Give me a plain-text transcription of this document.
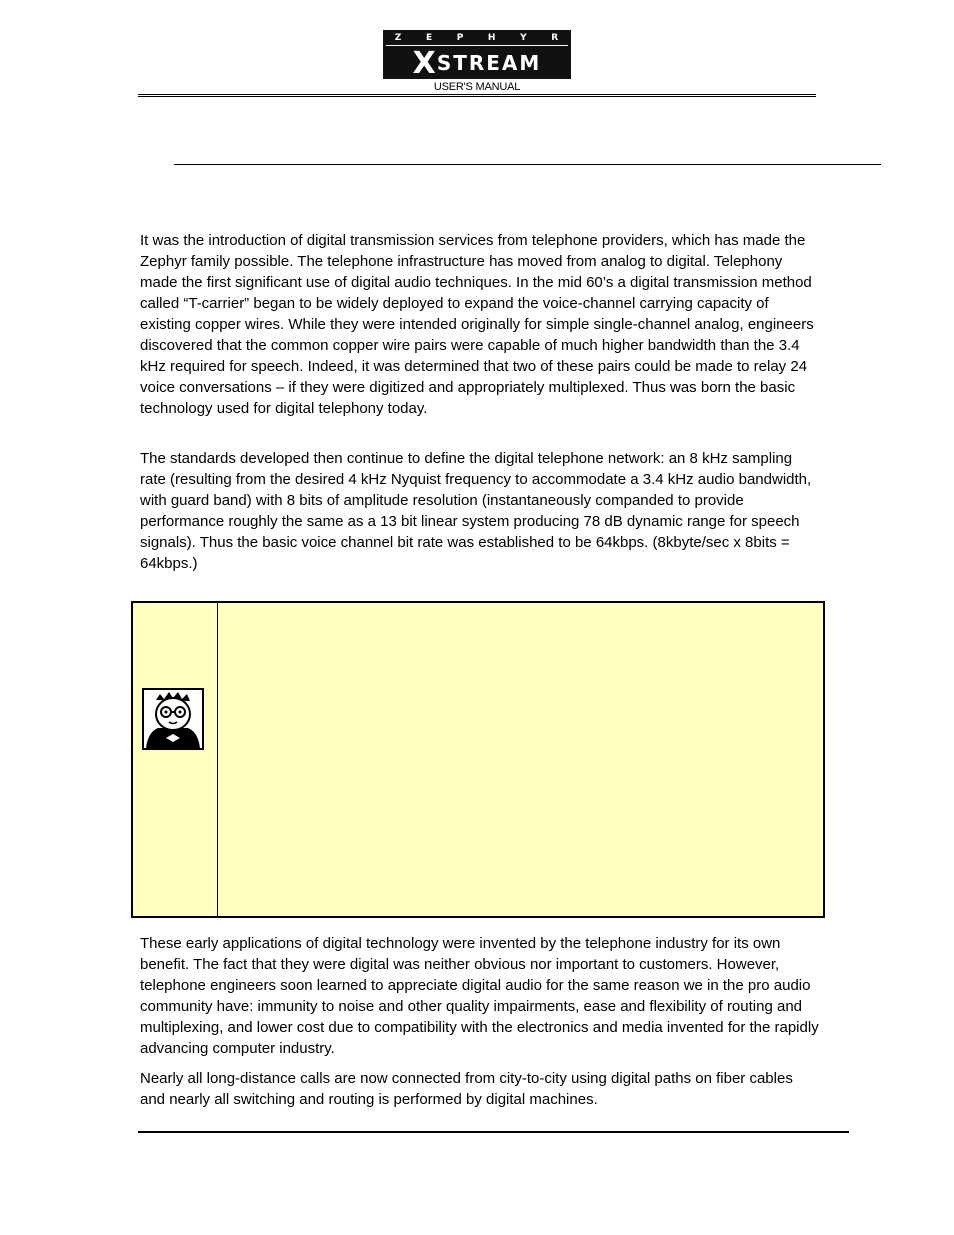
Z	E	P	H	Y	R
X STREAM
USER'S MANUAL

It was the introduction of digital transmission services from telephone providers, which has made the Zephyr family possible. The telephone infrastructure has moved from analog to digital. Telephony made the first significant use of digital audio techniques. In the mid 60’s a digital transmission method called “T-carrier” began to be widely deployed to expand the voice-channel carrying capacity of existing copper wires. While they were intended originally for simple single-channel analog, engineers discovered that the common copper wire pairs were capable of much higher bandwidth than the 3.4 kHz required for speech. Indeed, it was determined that two of these pairs could be made to relay 24 voice conversations – if they were digitized and appropriately multiplexed. Thus was born the basic technology used for digital telephony today.

The standards developed then continue to define the digital telephone network: an 8 kHz sampling rate (resulting from the desired 4 kHz Nyquist frequency to accommodate a 3.4 kHz audio bandwidth, with guard band) with 8 bits of amplitude resolution (instantaneously companded to provide performance roughly the same as a 13 bit linear system producing 78 dB dynamic range for speech signals). Thus the basic voice channel bit rate was established to be 64kbps. (8kbyte/sec x 8bits = 64kbps.)

These early applications of digital technology were invented by the telephone industry for its own benefit. The fact that they were digital was neither obvious nor important to customers. However, telephone engineers soon learned to appreciate digital audio for the same reason we in the pro audio community have: immunity to noise and other quality impairments, ease and flexibility of routing and multiplexing, and lower cost due to compatibility with the electronics and media invented for the rapidly advancing computer industry.

Nearly all long-distance calls are now connected from city-to-city using digital paths on fiber cables and nearly all switching and routing is performed by digital machines.
